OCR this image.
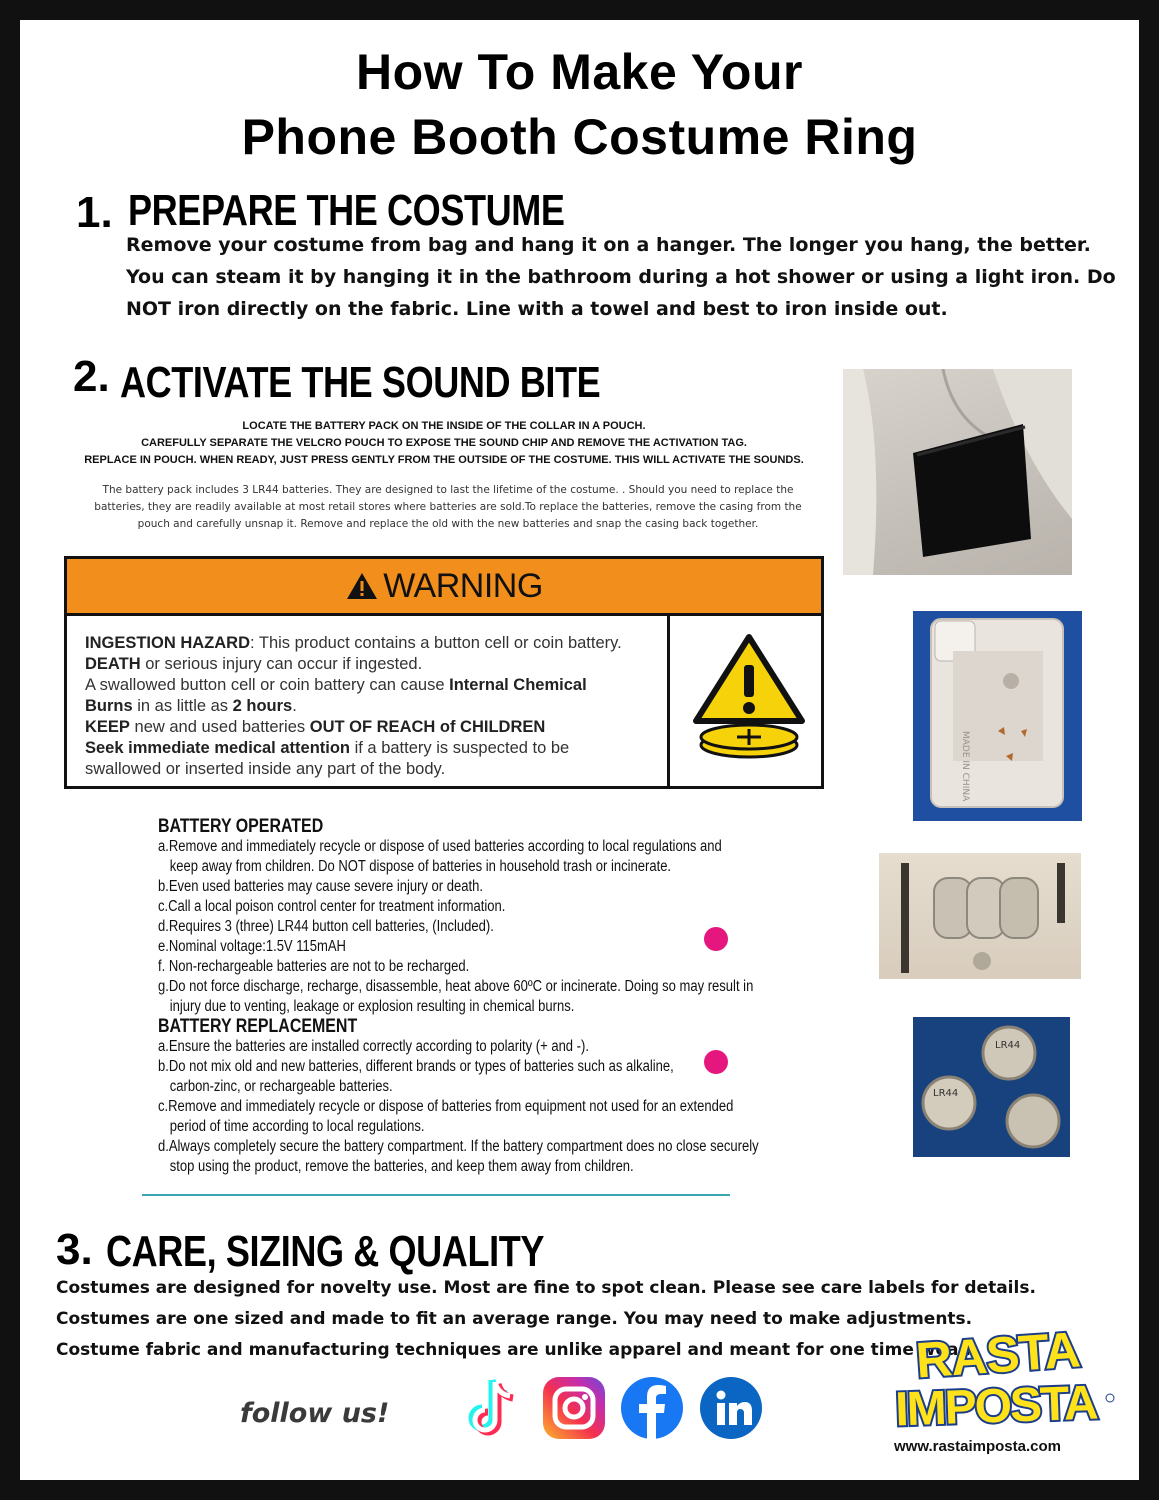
How To Make Your
Phone Booth Costume Ring
1. PREPARE THE COSTUME
Remove your costume from bag and hang it on a hanger. The longer you hang, the better.
You can steam it by hanging it in the bathroom during a hot shower or using a light iron. Do
NOT iron directly on the fabric. Line with a towel and best to iron inside out.
2. ACTIVATE THE SOUND BITE
LOCATE THE BATTERY PACK ON THE INSIDE OF THE COLLAR IN A POUCH.
CAREFULLY SEPARATE THE VELCRO POUCH TO EXPOSE THE SOUND CHIP AND REMOVE THE ACTIVATION TAG.
REPLACE IN POUCH. WHEN READY, JUST PRESS GENTLY FROM THE OUTSIDE OF THE COSTUME. THIS WILL ACTIVATE THE SOUNDS.
The battery pack includes 3 LR44 batteries. They are designed to last the lifetime of the costume. . Should you need to replace the
batteries, they are readily available at most retail stores where batteries are sold.To replace the batteries, remove the casing from the
pouch and carefully unsnap it. Remove and replace the old with the new batteries and snap the casing back together.
WARNING
INGESTION HAZARD: This product contains a button cell or coin battery.
DEATH or serious injury can occur if ingested.
A swallowed button cell or coin battery can cause Internal Chemical
Burns in as little as 2 hours.
KEEP new and used batteries OUT OF REACH of CHILDREN
Seek immediate medical attention if a battery is suspected to be
swallowed or inserted inside any part of the body.
BATTERY OPERATED
a.Remove and immediately recycle or dispose of used batteries according to local regulations and
keep away from children. Do NOT dispose of batteries in household trash or incinerate.
b.Even used batteries may cause severe injury or death.
c.Call a local poison control center for treatment information.
d.Requires 3 (three) LR44 button cell batteries, (Included).
e.Nominal voltage:1.5V 115mAH
f. Non-rechargeable batteries are not to be recharged.
g.Do not force discharge, recharge, disassemble, heat above 60ºC or incinerate. Doing so may result in
injury due to venting, leakage or explosion resulting in chemical burns.
BATTERY REPLACEMENT
a.Ensure the batteries are installed correctly according to polarity (+ and -).
b.Do not mix old and new batteries, different brands or types of batteries such as alkaline,
carbon-zinc, or rechargeable batteries.
c.Remove and immediately recycle or dispose of batteries from equipment not used for an extended
period of time according to local regulations.
d.Always completely secure the battery compartment. If the battery compartment does no close securely
stop using the product, remove the batteries, and keep them away from children.
MADE IN CHINA
LR44
LR44
3. CARE, SIZING & QUALITY
Costumes are designed for novelty use. Most are fine to spot clean. Please see care labels for details.
Costumes are one sized and made to fit an average range. You may need to make adjustments.
Costume fabric and manufacturing techniques are unlike apparel and meant for one time wear.
follow us!
RASTA
IMPOSTA
www.rastaimposta.com
